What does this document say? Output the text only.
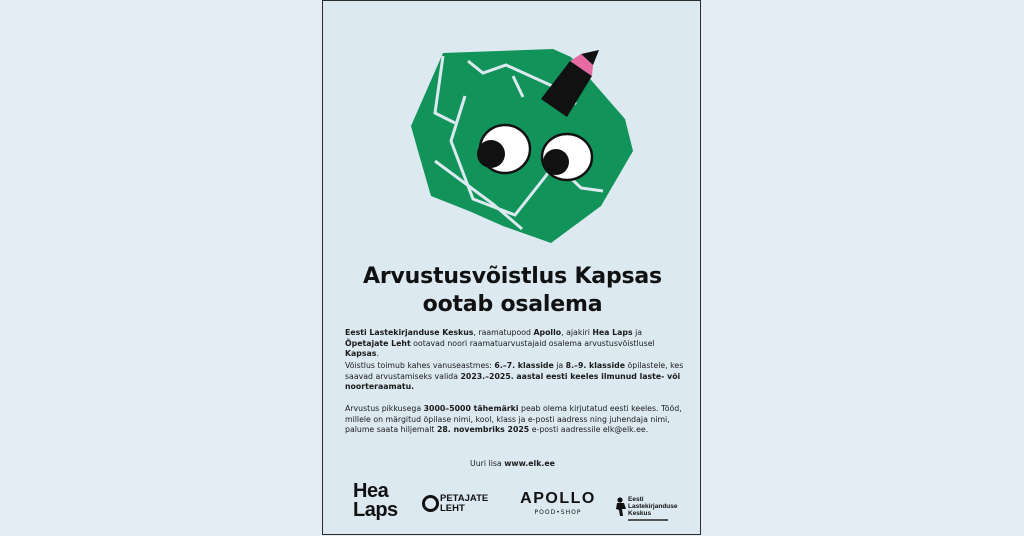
Arvustusvõistlus Kapsas
ootab osalema
Eesti Lastekirjanduse Keskus, raamatupood Apollo, ajakiri Hea Laps ja Õpetajate Leht ootavad noori raamatuarvustajaid osalema arvustusvõistlusel Kapsas.
Võistlus toimub kahes vanuseastmes: 6.–7. klasside ja 8.–9. klasside õpilastele, kes saavad arvustamiseks valida 2023.–2025. aastal eesti keeles ilmunud laste- või noorteraamatu.
Arvustus pikkusega 3000–5000 tähemärki peab olema kirjutatud eesti keeles. Tööd, millele on märgitud õpilase nimi, kool, klass ja e-posti aadress ning juhendaja nimi, palume saata hiljemalt 28. novembriks 2025 e-posti aadressile elk@elk.ee.
Uuri lisa www.elk.ee
Hea
Laps
PETAJATE
LEHT
APOLLO
POOD•SHOP
Eesti
Lastekirjanduse
Keskus
